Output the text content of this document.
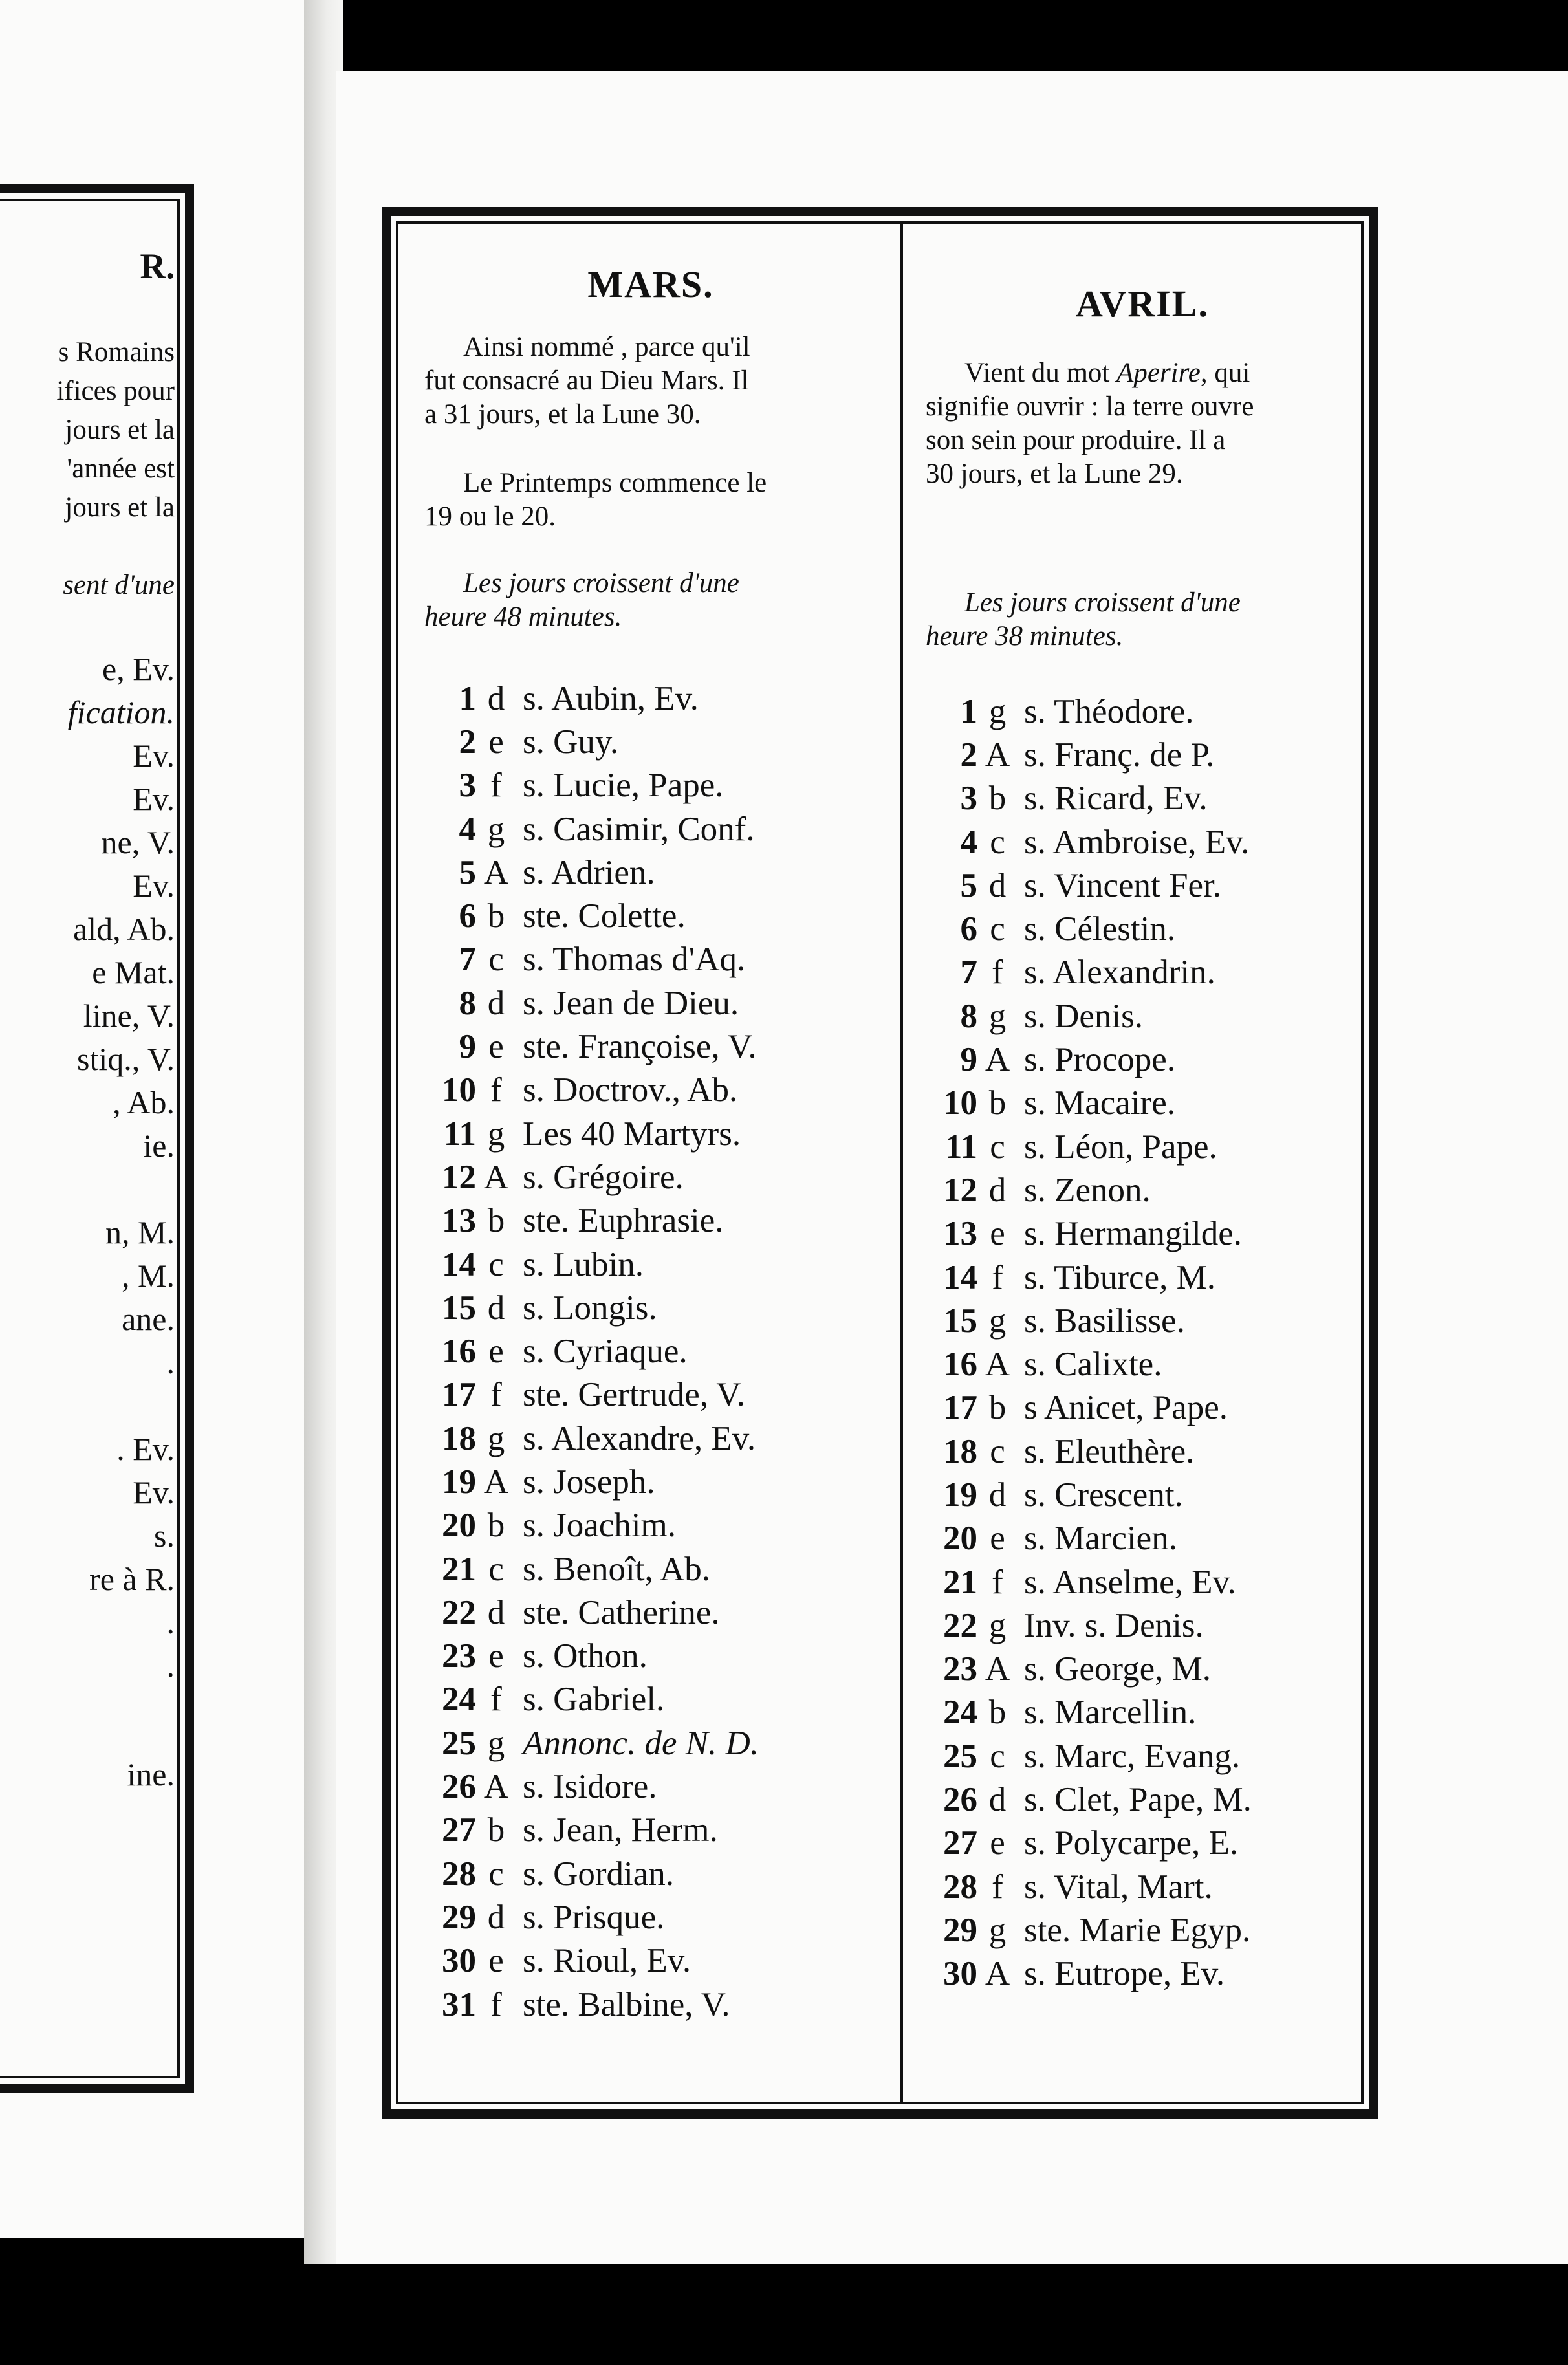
R.
s Romains
ifices pour
jours et la
'année est
jours et la
sent d'une
e, Ev.
fication.
Ev.
Ev.
ne, V.
Ev.
ald, Ab.
e Mat.
line, V.
stiq., V.
, Ab.
ie.
n, M.
, M.
ane.
.
. Ev.
Ev.
s.
re à R.
.
.
ine.
MARS.
Ainsi nommé , parce qu'il
fut consacré au Dieu Mars. Il
a 31 jours, et la Lune 30.
Le Printemps commence le
19 ou le 20.
Les jours croissent d'une
heure 48 minutes.
1 d s. Aubin, Ev.
2 e s. Guy.
3 f s. Lucie, Pape.
4 g s. Casimir, Conf.
5 A s. Adrien.
6 b ste. Colette.
7 c s. Thomas d'Aq.
8 d s. Jean de Dieu.
9 e ste. Françoise, V.
10 f s. Doctrov., Ab.
11 g Les 40 Martyrs.
12 A s. Grégoire.
13 b ste. Euphrasie.
14 c s. Lubin.
15 d s. Longis.
16 e s. Cyriaque.
17 f ste. Gertrude, V.
18 g s. Alexandre, Ev.
19 A s. Joseph.
20 b s. Joachim.
21 c s. Benoît, Ab.
22 d ste. Catherine.
23 e s. Othon.
24 f s. Gabriel.
25 g Annonc. de N. D.
26 A s. Isidore.
27 b s. Jean, Herm.
28 c s. Gordian.
29 d s. Prisque.
30 e s. Rioul, Ev.
31 f ste. Balbine, V.
AVRIL.
Vient du mot Aperire, qui
signifie ouvrir : la terre ouvre
son sein pour produire. Il a
30 jours, et la Lune 29.
Les jours croissent d'une
heure 38 minutes.
1 g s. Théodore.
2 A s. Franç. de P.
3 b s. Ricard, Ev.
4 c s. Ambroise, Ev.
5 d s. Vincent Fer.
6 c s. Célestin.
7 f s. Alexandrin.
8 g s. Denis.
9 A s. Procope.
10 b s. Macaire.
11 c s. Léon, Pape.
12 d s. Zenon.
13 e s. Hermangilde.
14 f s. Tiburce, M.
15 g s. Basilisse.
16 A s. Calixte.
17 b s Anicet, Pape.
18 c s. Eleuthère.
19 d s. Crescent.
20 e s. Marcien.
21 f s. Anselme, Ev.
22 g Inv. s. Denis.
23 A s. George, M.
24 b s. Marcellin.
25 c s. Marc, Evang.
26 d s. Clet, Pape, M.
27 e s. Polycarpe, E.
28 f s. Vital, Mart.
29 g ste. Marie Egyp.
30 A s. Eutrope, Ev.
